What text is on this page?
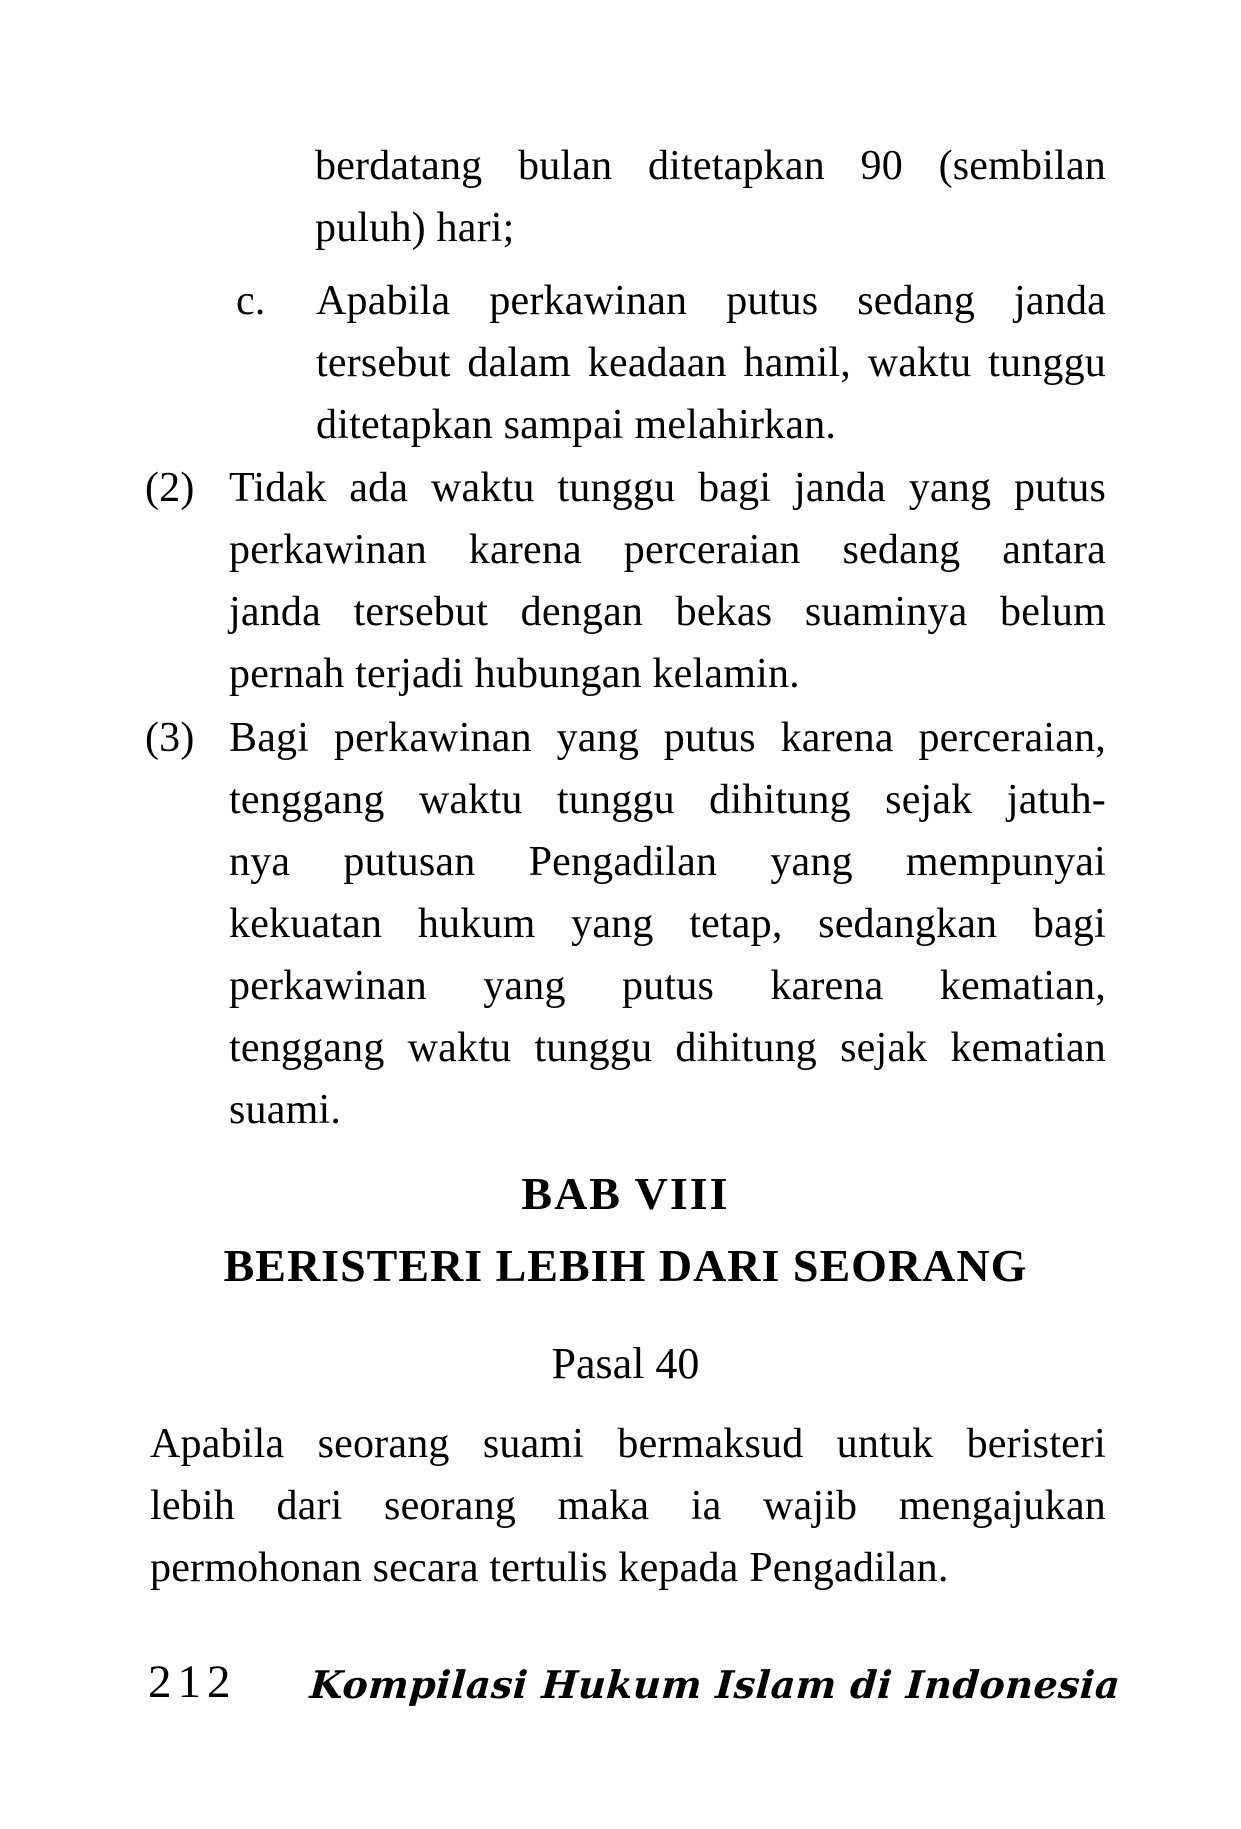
berdatang bulan ditetapkan 90 (sembilan
puluh) hari;
c. Apabila perkawinan putus sedang janda
tersebut dalam keadaan hamil, waktu tunggu
ditetapkan sampai melahirkan.
(2) Tidak ada waktu tunggu bagi janda yang putus
perkawinan karena perceraian sedang antara
janda tersebut dengan bekas suaminya belum
pernah terjadi hubungan kelamin.
(3) Bagi perkawinan yang putus karena perceraian,
tenggang waktu tunggu dihitung sejak jatuh-
nya putusan Pengadilan yang mempunyai
kekuatan hukum yang tetap, sedangkan bagi
perkawinan yang putus karena kematian,
tenggang waktu tunggu dihitung sejak kematian
suami.
BAB VIII
BERISTERI LEBIH DARI SEORANG
Pasal 40
Apabila seorang suami bermaksud untuk beristeri
lebih dari seorang maka ia wajib mengajukan
permohonan secara tertulis kepada Pengadilan.
212 Kompilasi Hukum Islam di Indonesia
